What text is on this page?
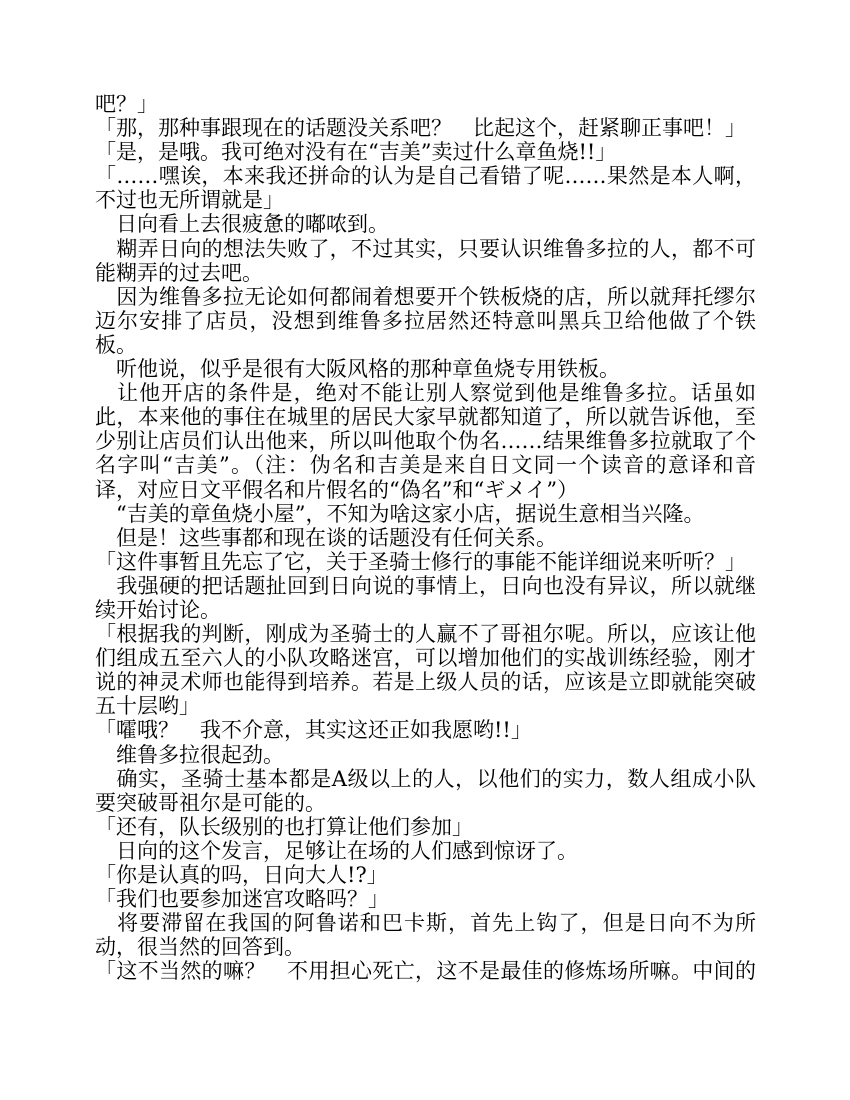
吧？」
「那，那种事跟现在的话题没关系吧？　比起这个，赶紧聊正事吧！」
「是，是哦。我可绝对没有在“吉美”卖过什么章鱼烧!!」
「……嘿诶，本来我还拼命的认为是自己看错了呢……果然是本人啊，
不过也无所谓就是」
　日向看上去很疲惫的嘟哝到。
　糊弄日向的想法失败了，不过其实，只要认识维鲁多拉的人，都不可
能糊弄的过去吧。
　因为维鲁多拉无论如何都闹着想要开个铁板烧的店，所以就拜托缪尔
迈尔安排了店员，没想到维鲁多拉居然还特意叫黑兵卫给他做了个铁
板。
　听他说，似乎是很有大阪风格的那种章鱼烧专用铁板。
　让他开店的条件是，绝对不能让别人察觉到他是维鲁多拉。话虽如
此，本来他的事住在城里的居民大家早就都知道了，所以就告诉他，至
少别让店员们认出他来，所以叫他取个伪名……结果维鲁多拉就取了个
名字叫“吉美”。（注：伪名和吉美是来自日文同一个读音的意译和音
译，对应日文平假名和片假名的“偽名”和“ギメイ”）
　“吉美的章鱼烧小屋”，不知为啥这家小店，据说生意相当兴隆。
　但是！这些事都和现在谈的话题没有任何关系。
「这件事暂且先忘了它，关于圣骑士修行的事能不能详细说来听听？」
　我强硬的把话题扯回到日向说的事情上，日向也没有异议，所以就继
续开始讨论。
「根据我的判断，刚成为圣骑士的人赢不了哥祖尔呢。所以，应该让他
们组成五至六人的小队攻略迷宫，可以增加他们的实战训练经验，刚才
说的神灵术师也能得到培养。若是上级人员的话，应该是立即就能突破
五十层哟」
「嚯哦？　我不介意，其实这还正如我愿哟!!」
　维鲁多拉很起劲。
　确实，圣骑士基本都是A级以上的人，以他们的实力，数人组成小队
要突破哥祖尔是可能的。
「还有，队长级别的也打算让他们参加」
　日向的这个发言，足够让在场的人们感到惊讶了。
「你是认真的吗，日向大人!?」
「我们也要参加迷宫攻略吗？」
　将要滞留在我国的阿鲁诺和巴卡斯，首先上钩了，但是日向不为所
动，很当然的回答到。
「这不当然的嘛？　不用担心死亡，这不是最佳的修炼场所嘛。中间的
